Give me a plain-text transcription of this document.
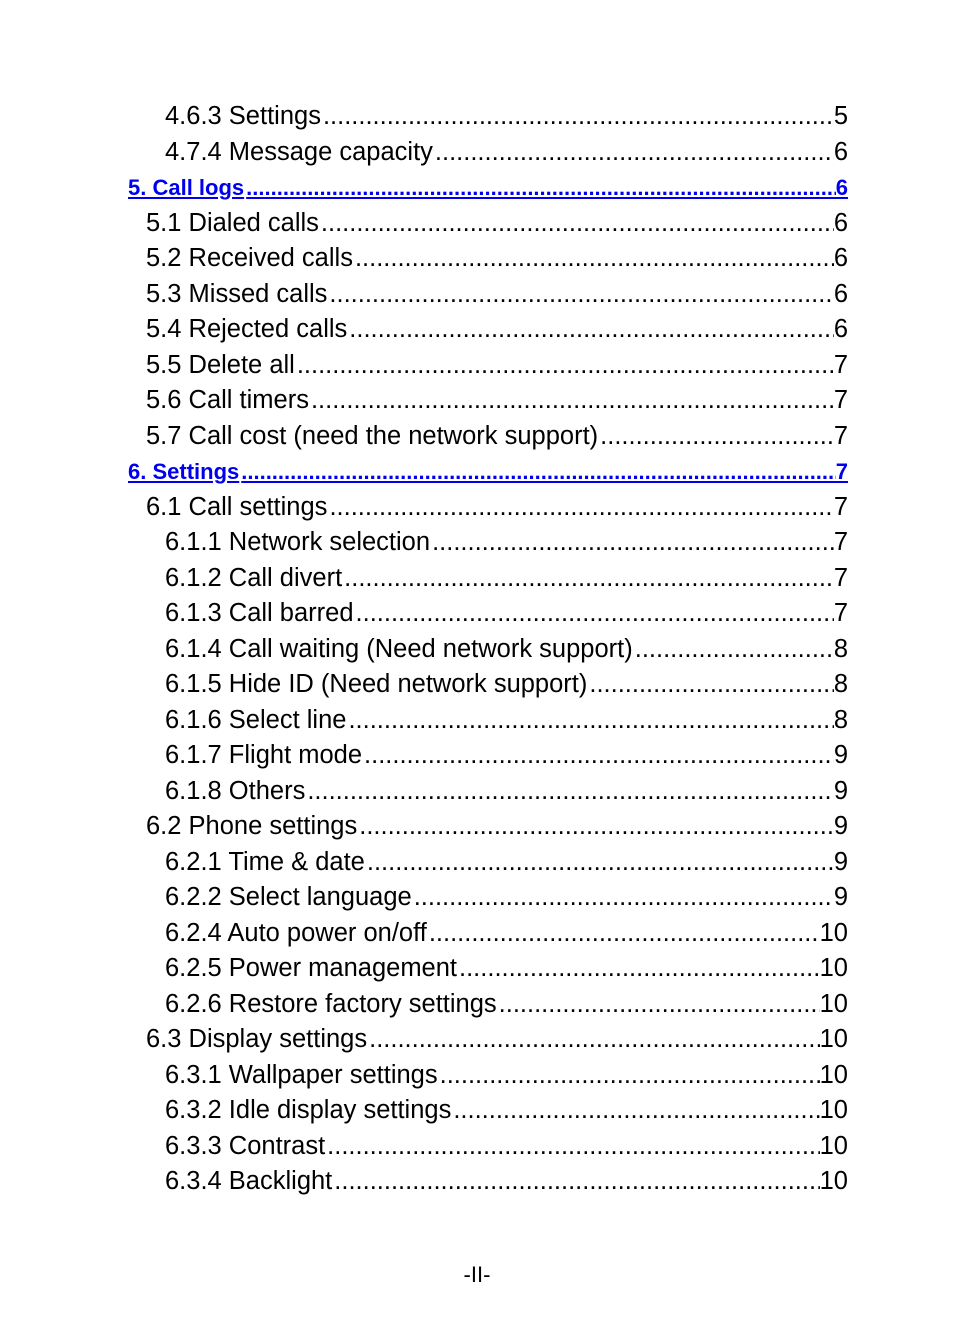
4.6.3 Settings .....	5
4.7.4 Message capacity .....	6
5. Call logs .....	6
5.1 Dialed calls .....	6
5.2 Received calls .....	6
5.3 Missed calls .....	6
5.4 Rejected calls .....	6
5.5 Delete all .....	7
5.6 Call timers .....	7
5.7 Call cost (need the network support) .....	7
6. Settings .....	7
6.1 Call settings .....	7
6.1.1 Network selection .....	7
6.1.2 Call divert .....	7
6.1.3 Call barred .....	7
6.1.4 Call waiting (Need network support) .....	8
6.1.5 Hide ID (Need network support) .....	8
6.1.6 Select line .....	8
6.1.7 Flight mode .....	9
6.1.8 Others .....	9
6.2 Phone settings .....	9
6.2.1 Time & date .....	9
6.2.2 Select language .....	9
6.2.4 Auto power on/off .....	10
6.2.5 Power management .....	10
6.2.6 Restore factory settings .....	10
6.3 Display settings .....	10
6.3.1 Wallpaper settings .....	10
6.3.2 Idle display settings .....	10
6.3.3 Contrast .....	10
6.3.4 Backlight .....	10
-II-
